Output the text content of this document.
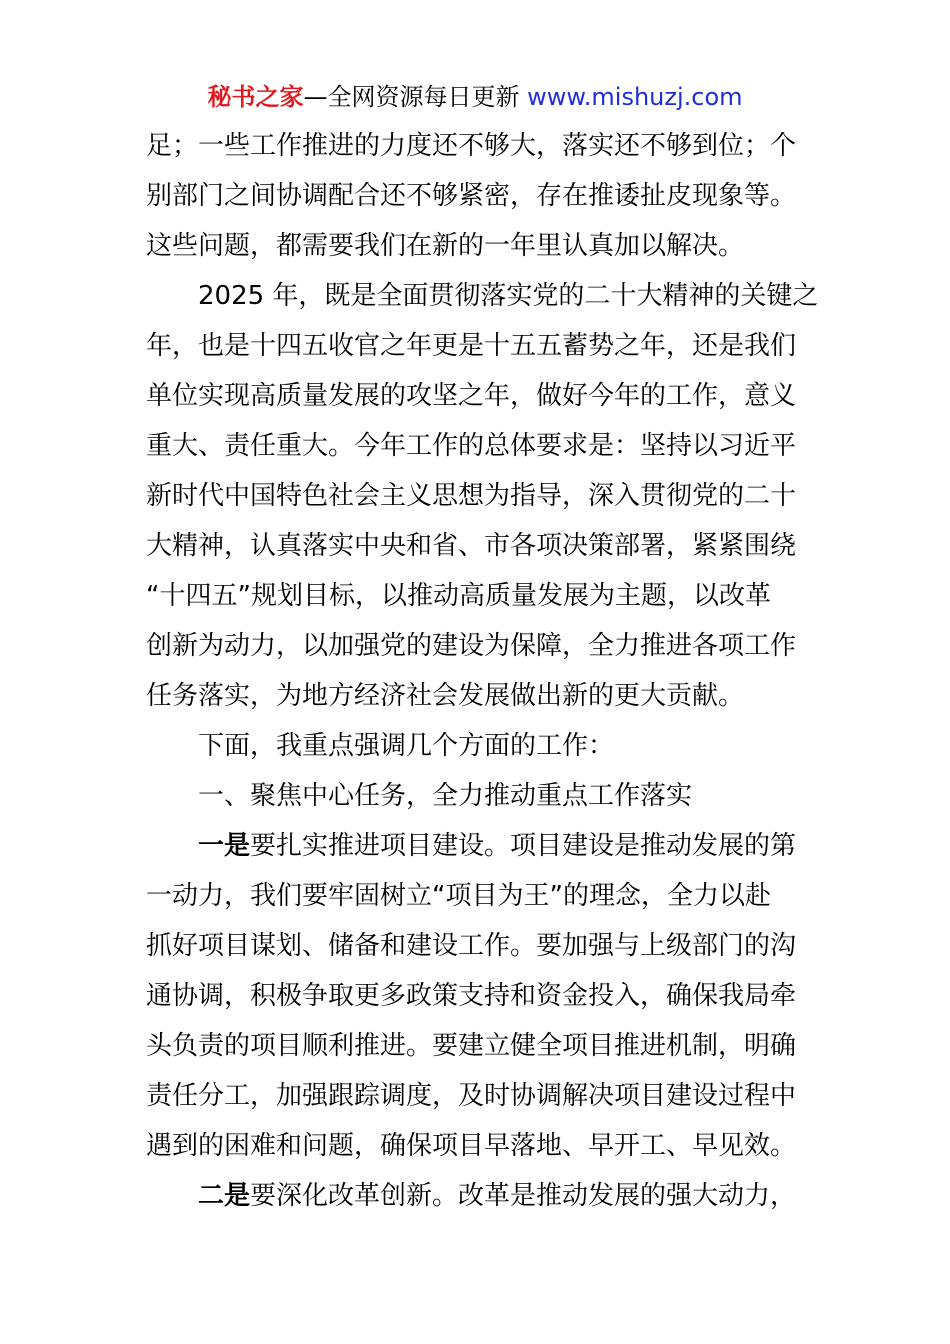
秘书之家—全网资源每日更新 www.mishuzj.com
足；一些工作推进的力度还不够大，落实还不够到位；个
别部门之间协调配合还不够紧密，存在推诿扯皮现象等。
这些问题，都需要我们在新的一年里认真加以解决。
2025 年，既是全面贯彻落实党的二十大精神的关键之
年，也是十四五收官之年更是十五五蓄势之年，还是我们
单位实现高质量发展的攻坚之年，做好今年的工作，意义
重大、责任重大。今年工作的总体要求是：坚持以习近平
新时代中国特色社会主义思想为指导，深入贯彻党的二十
大精神，认真落实中央和省、市各项决策部署，紧紧围绕
“十四五”规划目标，以推动高质量发展为主题，以改革
创新为动力，以加强党的建设为保障，全力推进各项工作
任务落实，为地方经济社会发展做出新的更大贡献。
下面，我重点强调几个方面的工作：
一、聚焦中心任务，全力推动重点工作落实
一是要扎实推进项目建设。项目建设是推动发展的第
一动力，我们要牢固树立“项目为王”的理念，全力以赴
抓好项目谋划、储备和建设工作。要加强与上级部门的沟
通协调，积极争取更多政策支持和资金投入，确保我局牵
头负责的项目顺利推进。要建立健全项目推进机制，明确
责任分工，加强跟踪调度，及时协调解决项目建设过程中
遇到的困难和问题，确保项目早落地、早开工、早见效。
二是要深化改革创新。改革是推动发展的强大动力，
